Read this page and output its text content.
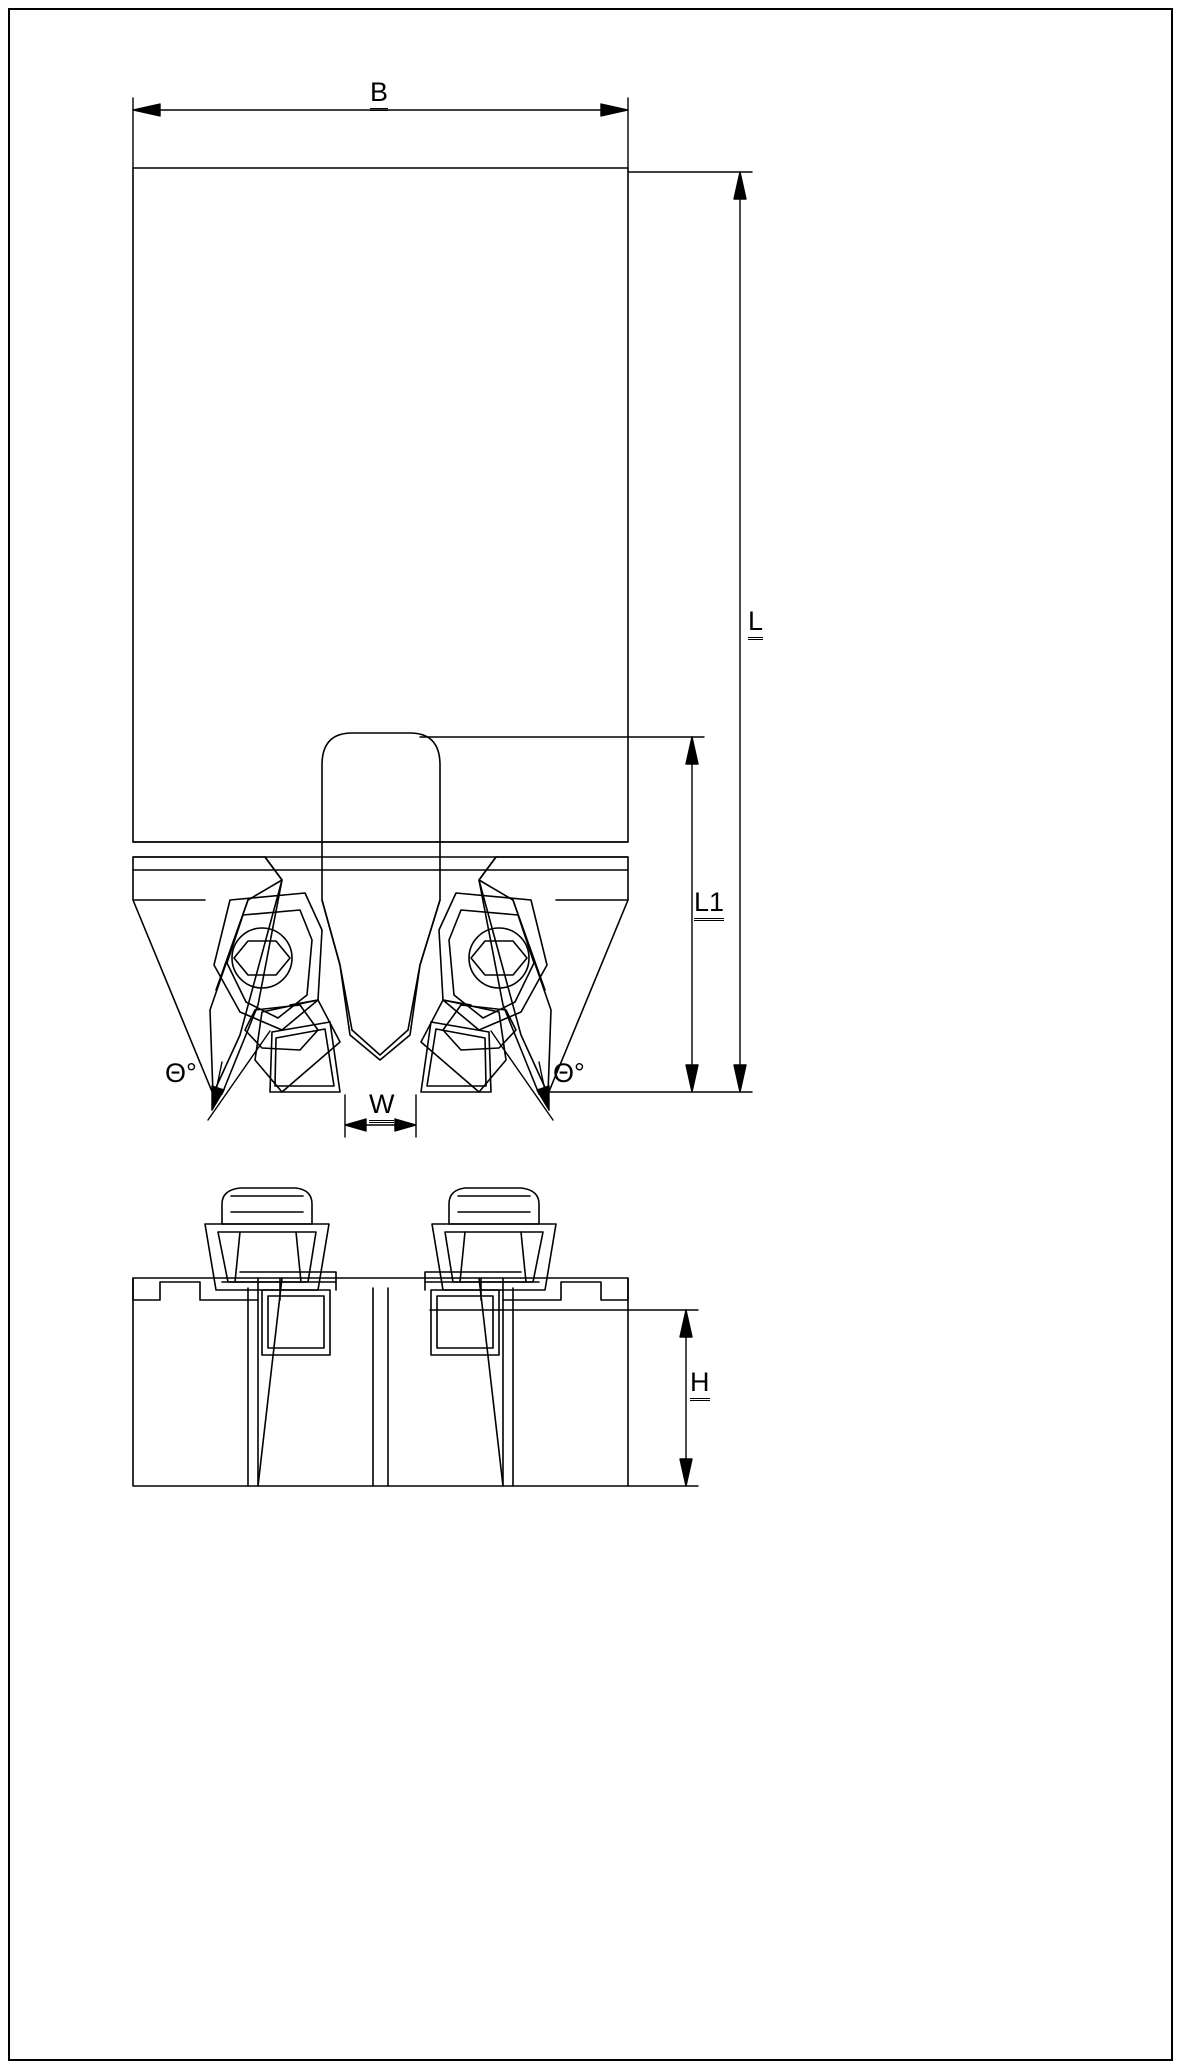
B
L
L1
W
Θ°	Θ°
H
